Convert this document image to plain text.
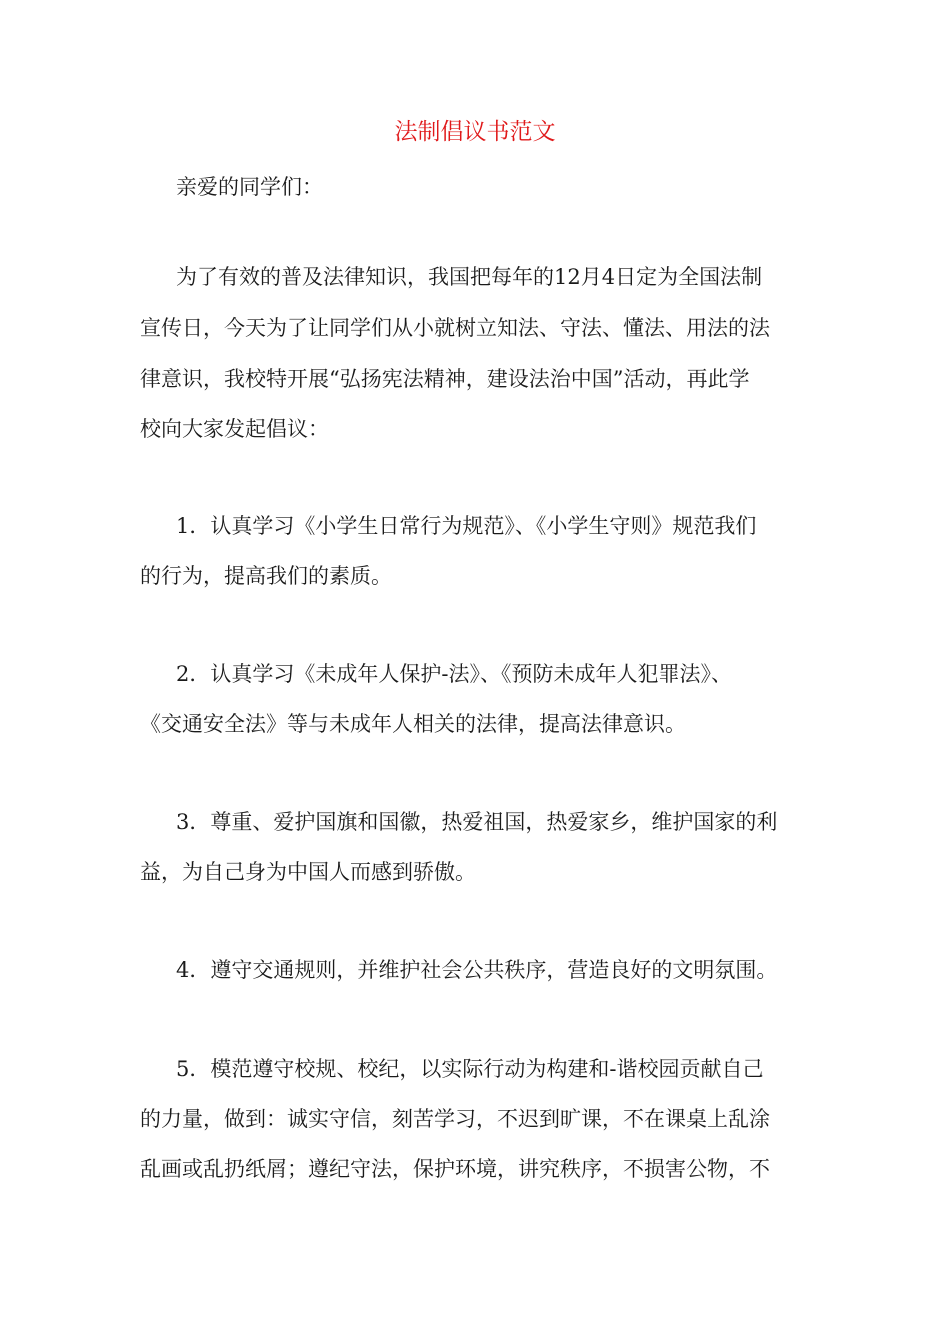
法制倡议书范文

亲爱的同学们：

为了有效的普及法律知识，我国把每年的12月4日定为全国法制

宣传日，今天为了让同学们从小就树立知法、守法、懂法、用法的法

律意识，我校特开展“弘扬宪法精神，建设法治中国”活动，再此学

校向大家发起倡议：

1．认真学习《小学生日常行为规范》、《小学生守则》规范我们

的行为，提高我们的素质。

2．认真学习《未成年人保护-法》、《预防未成年人犯罪法》、

《交通安全法》等与未成年人相关的法律，提高法律意识。

3．尊重、爱护国旗和国徽，热爱祖国，热爱家乡，维护国家的利

益，为自己身为中国人而感到骄傲。

4．遵守交通规则，并维护社会公共秩序，营造良好的文明氛围。

5．模范遵守校规、校纪，以实际行动为构建和-谐校园贡献自己

的力量，做到：诚实守信，刻苦学习，不迟到旷课，不在课桌上乱涂

乱画或乱扔纸屑；遵纪守法，保护环境，讲究秩序，不损害公物，不
